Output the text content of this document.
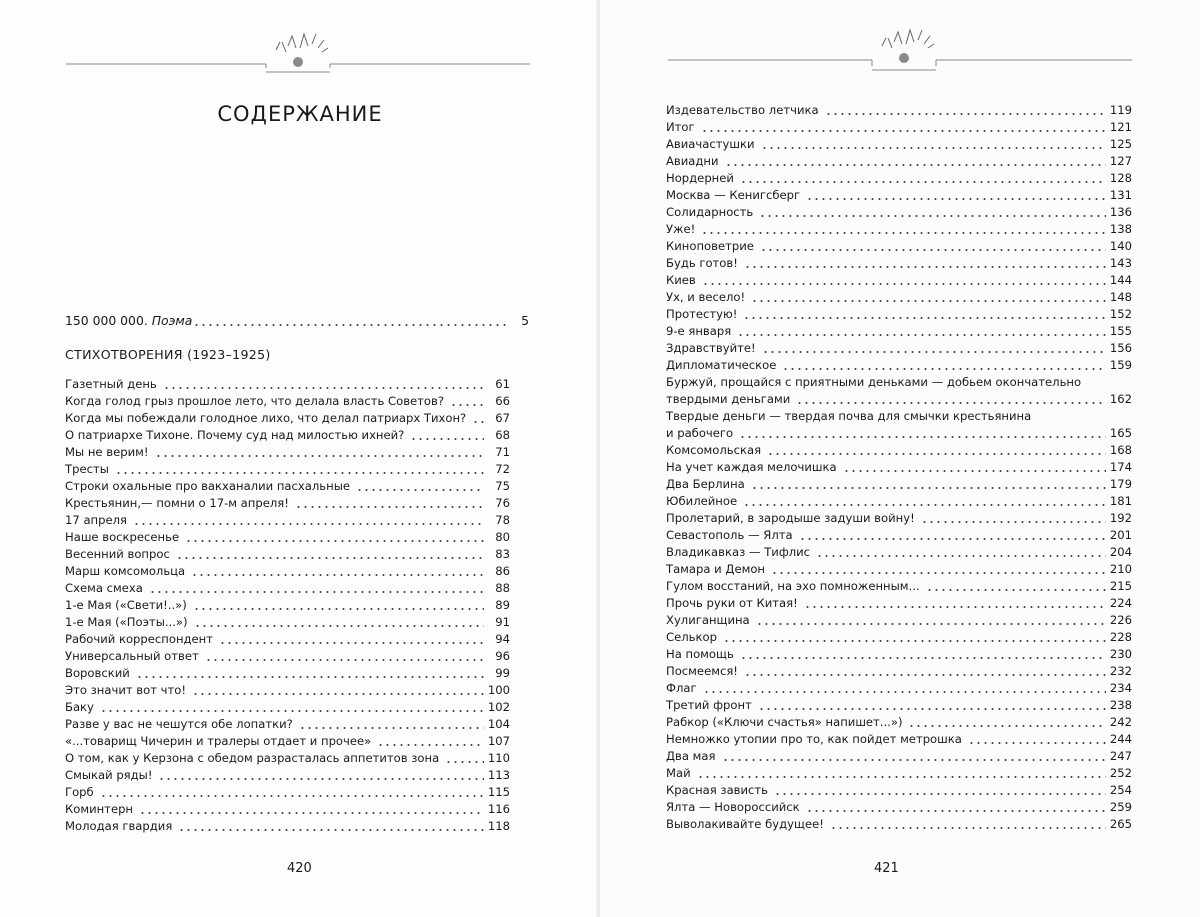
СОДЕРЖАНИЕ
150 000 000. Поэма	5
СТИХОТВОРЕНИЯ (1923–1925)
Газетный день	61
Когда голод грыз прошлое лето, что делала власть Советов?	66
Когда мы побеждали голодное лихо, что делал патриарх Тихон?	67
О патриархе Тихоне. Почему суд над милостью ихней?	68
Мы не верим!	71
Тресты	72
Строки охальные про вакханалии пасхальные	75
Крестьянин,— помни о 17-м апреля!	76
17 апреля	78
Наше воскресенье	80
Весенний вопрос	83
Марш комсомольца	86
Схема смеха	88
1-е Мая («Свети!..»)	89
1-е Мая («Поэты...»)	91
Рабочий корреспондент	94
Универсальный ответ	96
Воровский	99
Это значит вот что!	100
Баку	102
Разве у вас не чешутся обе лопатки?	104
«...товарищ Чичерин и тралеры отдает и прочее»	107
О том, как у Керзона с обедом разрасталась аппетитов зона	110
Смыкай ряды!	113
Горб	115
Коминтерн	116
Молодая гвардия	118
420
Издевательство летчика	119
Итог	121
Авиачастушки	125
Авиадни	127
Нордерней	128
Москва — Кенигсберг	131
Солидарность	136
Уже!	138
Киноповетрие	140
Будь готов!	143
Киев	144
Ух, и весело!	148
Протестую!	152
9-е января	155
Здравствуйте!	156
Дипломатическое	159
Буржуй, прощайся с приятными деньками — добьем окончательно
твердыми деньгами	162
Твердые деньги — твердая почва для смычки крестьянина
и рабочего	165
Комсомольская	168
На учет каждая мелочишка	174
Два Берлина	179
Юбилейное	181
Пролетарий, в зародыше задуши войну!	192
Севастополь — Ялта	201
Владикавказ — Тифлис	204
Тамара и Демон	210
Гулом восстаний, на эхо помноженным...	215
Прочь руки от Китая!	224
Хулиганщина	226
Селькор	228
На помощь	230
Посмеемся!	232
Флаг	234
Третий фронт	238
Рабкор («Ключи счастья» напишет...»)	242
Немножко утопии про то, как пойдет метрошка	244
Два мая	247
Май	252
Красная зависть	254
Ялта — Новороссийск	259
Выволакивайте будущее!	265
421
